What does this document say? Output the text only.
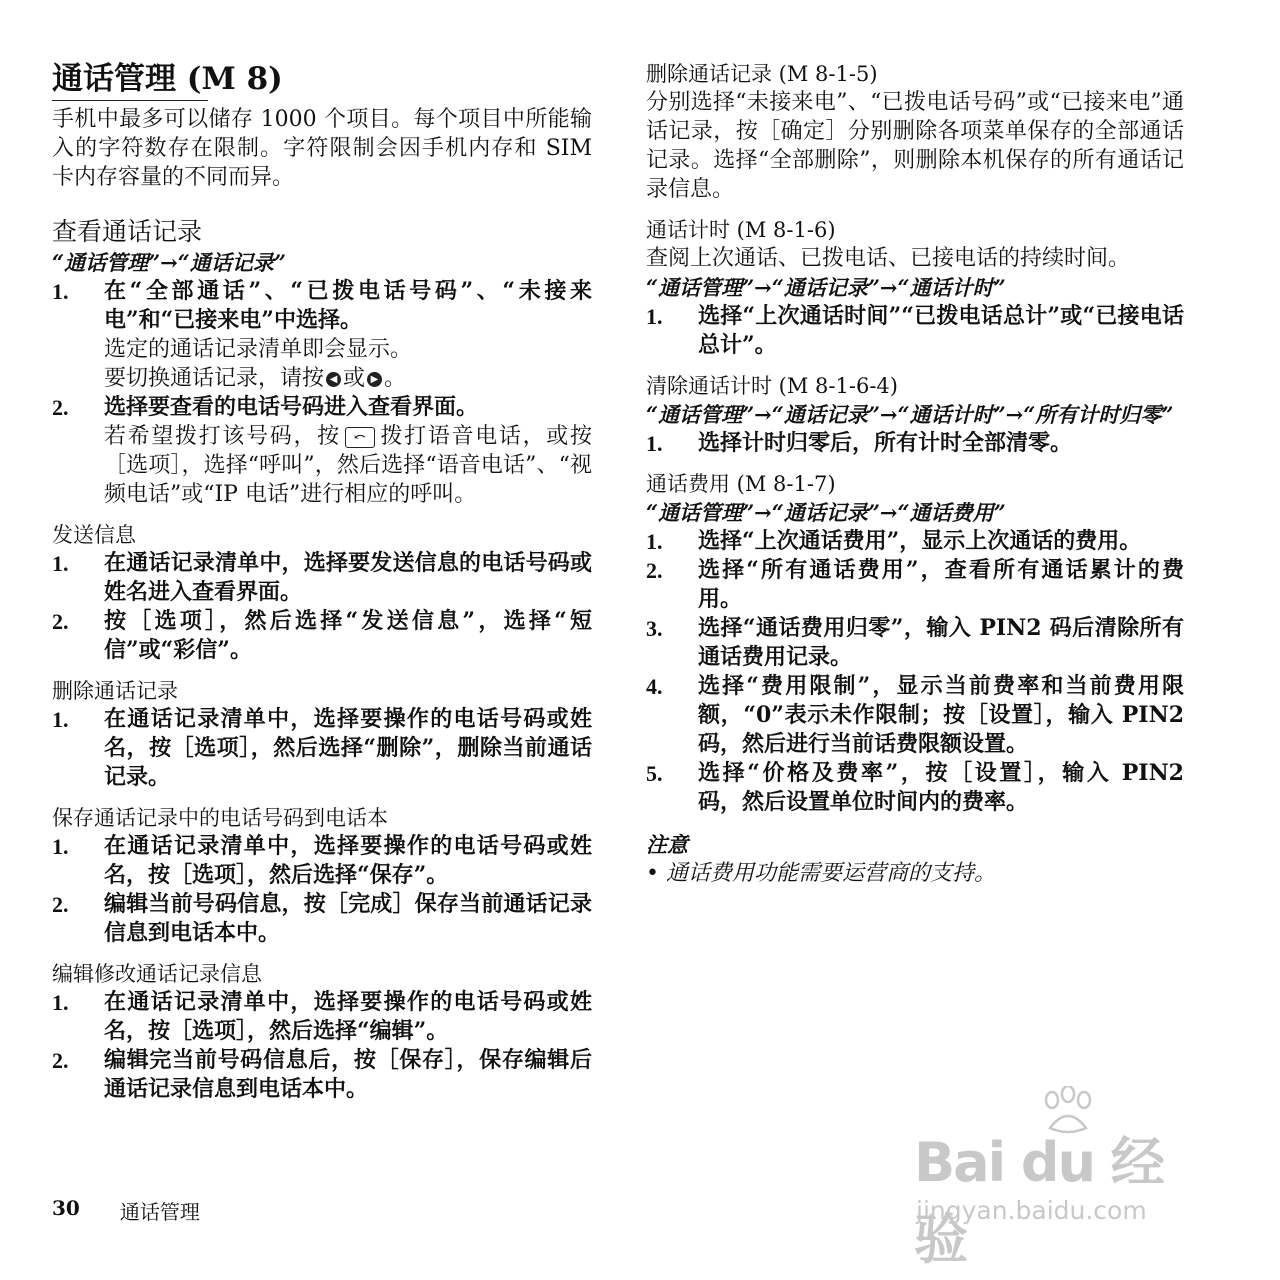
通话管理 (M 8)

手机中最多可以储存 1000 个项目。每个项目中所能输入的字符数存在限制。字符限制会因手机内存和 SIM 卡内存容量的不同而异。

查看通话记录

“通话管理”→“通话记录”

1.	在“全部通话”、“已拨电话号码”、“未接来电”和“已接来电”中选择。
选定的通话记录清单即会显示。
要切换通话记录，请按 ◀ 或 ▶ 。
2.	选择要查看的电话号码进入查看界面。
若希望拨打该号码，按 ⤺ 拨打语音电话，或按［选项］，选择“呼叫”，然后选择“语音电话”、“视频电话”或“IP 电话”进行相应的呼叫。
发送信息
1.	在通话记录清单中，选择要发送信息的电话号码或姓名进入查看界面。
2.	按［选项］，然后选择“发送信息”，选择“短信”或“彩信”。
删除通话记录
1.	在通话记录清单中，选择要操作的电话号码或姓名，按［选项］，然后选择“删除”，删除当前通话记录。
保存通话记录中的电话号码到电话本
1.	在通话记录清单中，选择要操作的电话号码或姓名，按［选项］，然后选择“保存”。
2.	编辑当前号码信息，按［完成］保存当前通话记录信息到电话本中。
编辑修改通话记录信息
1.	在通话记录清单中，选择要操作的电话号码或姓名，按［选项］，然后选择“编辑”。
2.	编辑完当前号码信息后，按［保存］，保存编辑后通话记录信息到电话本中。
删除通话记录 (M 8-1-5)

分别选择“未接来电”、“已拨电话号码”或“已接来电”通话记录，按［确定］分别删除各项菜单保存的全部通话记录。选择“全部删除”，则删除本机保存的所有通话记录信息。

通话计时 (M 8-1-6)

查阅上次通话、已拨电话、已接电话的持续时间。

“通话管理”→“通话记录”→“通话计时”

1.	选择“上次通话时间”“已拨电话总计”或“已接电话总计”。
清除通话计时 (M 8-1-6-4)

“通话管理”→“通话记录”→“通话计时”→“所有计时归零”

1.	选择计时归零后，所有计时全部清零。
通话费用 (M 8-1-7)

“通话管理”→“通话记录”→“通话费用”

1.	选择“上次通话费用”，显示上次通话的费用。
2.	选择“所有通话费用”，查看所有通话累计的费用。
3.	选择“通话费用归零”，输入 PIN2 码后清除所有通话费用记录。
4.	选择“费用限制”，显示当前费率和当前费用限额，“0”表示未作限制；按［设置］，输入 PIN2 码，然后进行当前话费限额设置。
5.	选择“价格及费率”，按［设置］，输入 PIN2 码，然后设置单位时间内的费率。

注意

• 通话费用功能需要运营商的支持。

30 通话管理
Bai du 经验
jingyan.baidu.com
